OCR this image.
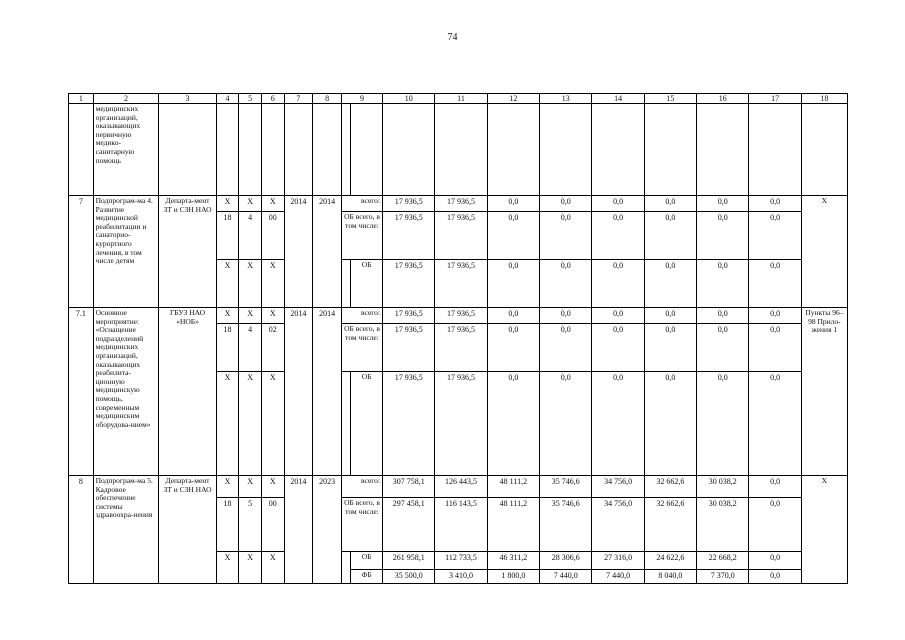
74
1	2	3	4	5	6	7	8	9		10	11	12	13	14	15	16	17	18
	медицинских организаций, оказывающих первичную медико-санитарную помощь																	
7	Подпрограм-ма 4. Развитие медицинской реабилитации и санаторно-курортного лечения, в том числе детям	Департа-мент ЗТ и СЗН НАО	Х	Х	Х	2014	2014	всего:		17 936,5	17 936,5	0,0	0,0	0,0	0,0	0,0	0,0	Х
			18	4	00			ОБ всего, в том числе:		17 936,5	17 936,5	0,0	0,0	0,0	0,0	0,0	0,0	
			Х	Х	Х				ОБ	17 936,5	17 936,5	0,0	0,0	0,0	0,0	0,0	0,0	
7.1	Основное мероприятие: «Оснащение подразделений медицинских организаций, оказывающих реабилита-ционную медицинскую помощь, современным медицинским оборудова-нием»	ГБУЗ НАО «НОБ»	Х	Х	Х	2014	2014	всего:		17 936,5	17 936,5	0,0	0,0	0,0	0,0	0,0	0,0	Пункты 96–98 Прило-жения 1
			18	4	02			ОБ всего, в том числе:		17 936,5	17 936,5	0,0	0,0	0,0	0,0	0,0	0,0	
			Х	Х	Х				ОБ	17 936,5	17 936,5	0,0	0,0	0,0	0,0	0,0	0,0	
8	Подпрограм-ма 5. Кадровое обеспечение системы здравоохра-нения	Департа-мент ЗТ и СЗН НАО	Х	Х	Х	2014	2023	всего:		307 758,1	126 443,5	48 111,2	35 746,6	34 756,0	32 662,6	30 038,2	0,0	Х
			18	5	00			ОБ всего, в том числе:		297 458,1	116 143,5	48 111,2	35 746,6	34 756,0	32 662,6	30 038,2	0,0	
			Х	Х	Х				ОБ	261 958,1	112 733,5	46 311,2	28 306,6	27 316,0	24 622,6	22 668,2	0,0	
									ФБ	35 500,0	3 410,0	1 800,0	7 440,0	7 440,0	8 040,0	7 370,0	0,0	
